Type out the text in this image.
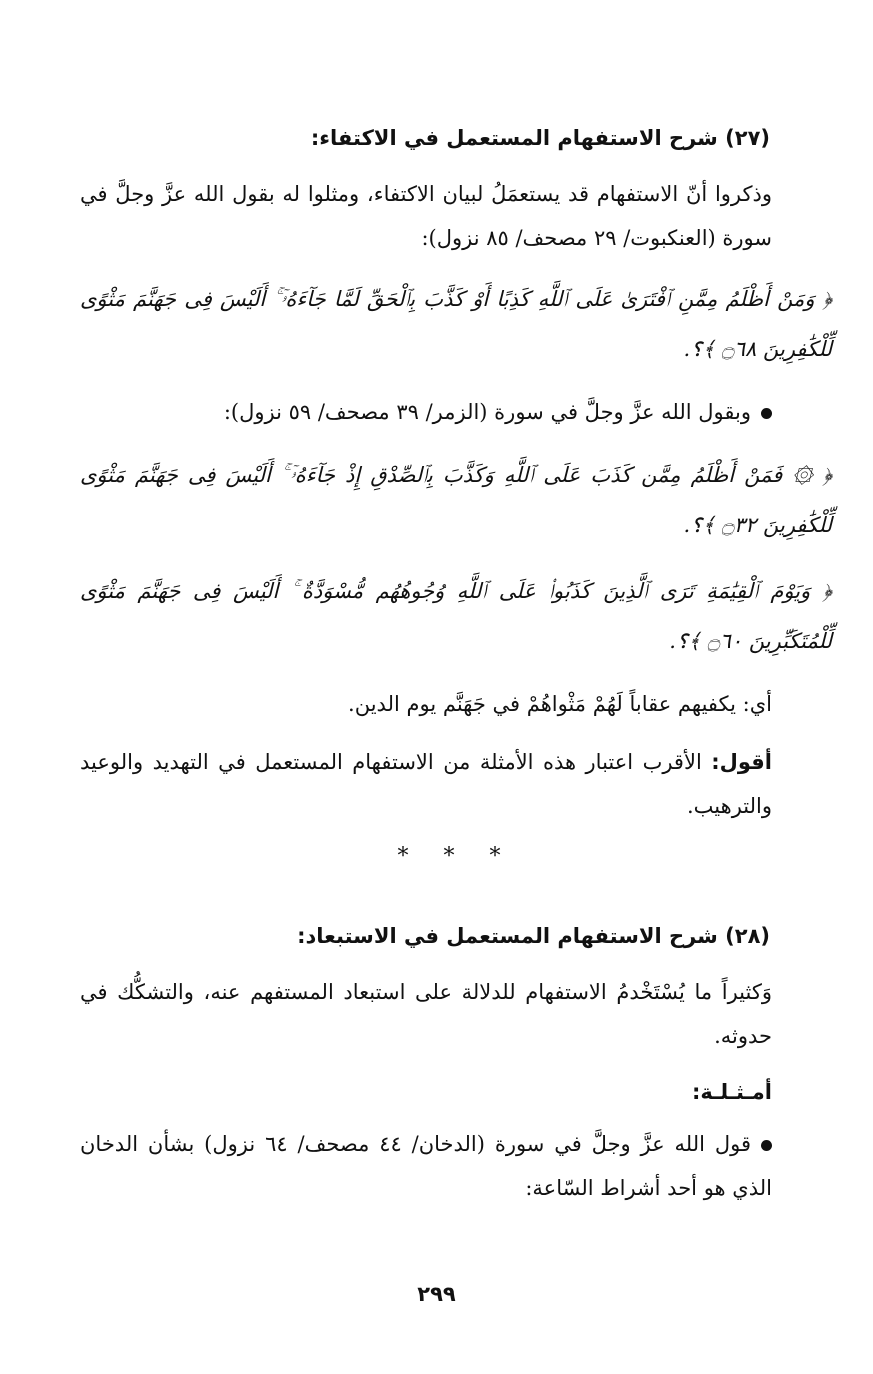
(٢٧) شرح الاستفهام المستعمل في الاكتفاء:
وذكروا أنّ الاستفهام قد يستعمَلُ لبيان الاكتفاء، ومثلوا له بقول الله عزَّ وجلَّ في سورة (العنكبوت/ ٢٩ مصحف/ ٨٥ نزول):
﴿ وَمَنْ أَظْلَمُ مِمَّنِ ٱفْتَرَىٰ عَلَى ٱللَّهِ كَذِبًا أَوْ كَذَّبَ بِٱلْحَقِّ لَمَّا جَآءَهُۥٓ ۚ أَلَيْسَ فِى جَهَنَّمَ مَثْوًى لِّلْكَٰفِرِينَ ۝٦٨ ﴾؟.
وبقول الله عزَّ وجلَّ في سورة (الزمر/ ٣٩ مصحف/ ٥٩ نزول):
﴿ ۞ فَمَنْ أَظْلَمُ مِمَّن كَذَبَ عَلَى ٱللَّهِ وَكَذَّبَ بِٱلصِّدْقِ إِذْ جَآءَهُۥٓ ۚ أَلَيْسَ فِى جَهَنَّمَ مَثْوًى لِّلْكَٰفِرِينَ ۝٣٢ ﴾؟.
﴿ وَيَوْمَ ٱلْقِيَٰمَةِ تَرَى ٱلَّذِينَ كَذَبُوا۟ عَلَى ٱللَّهِ وُجُوهُهُم مُّسْوَدَّةٌ ۚ أَلَيْسَ فِى جَهَنَّمَ مَثْوًى لِّلْمُتَكَبِّرِينَ ۝٦٠ ﴾؟.
أي: يكفيهم عقاباً لَهُمْ مَثْواهُمْ في جَهَنَّم يوم الدين.
أقول: الأقرب اعتبار هذه الأمثلة من الاستفهام المستعمل في التهديد والوعيد والترهيب.
* * *
(٢٨) شرح الاستفهام المستعمل في الاستبعاد:
وَكثيراً ما يُسْتَخْدمُ الاستفهام للدلالة على استبعاد المستفهم عنه، والتشكُّك في حدوثه.
أمـثـلـة:
قول الله عزَّ وجلَّ في سورة (الدخان/ ٤٤ مصحف/ ٦٤ نزول) بشأن الدخان الذي هو أحد أشراط السّاعة:
٢٩٩
